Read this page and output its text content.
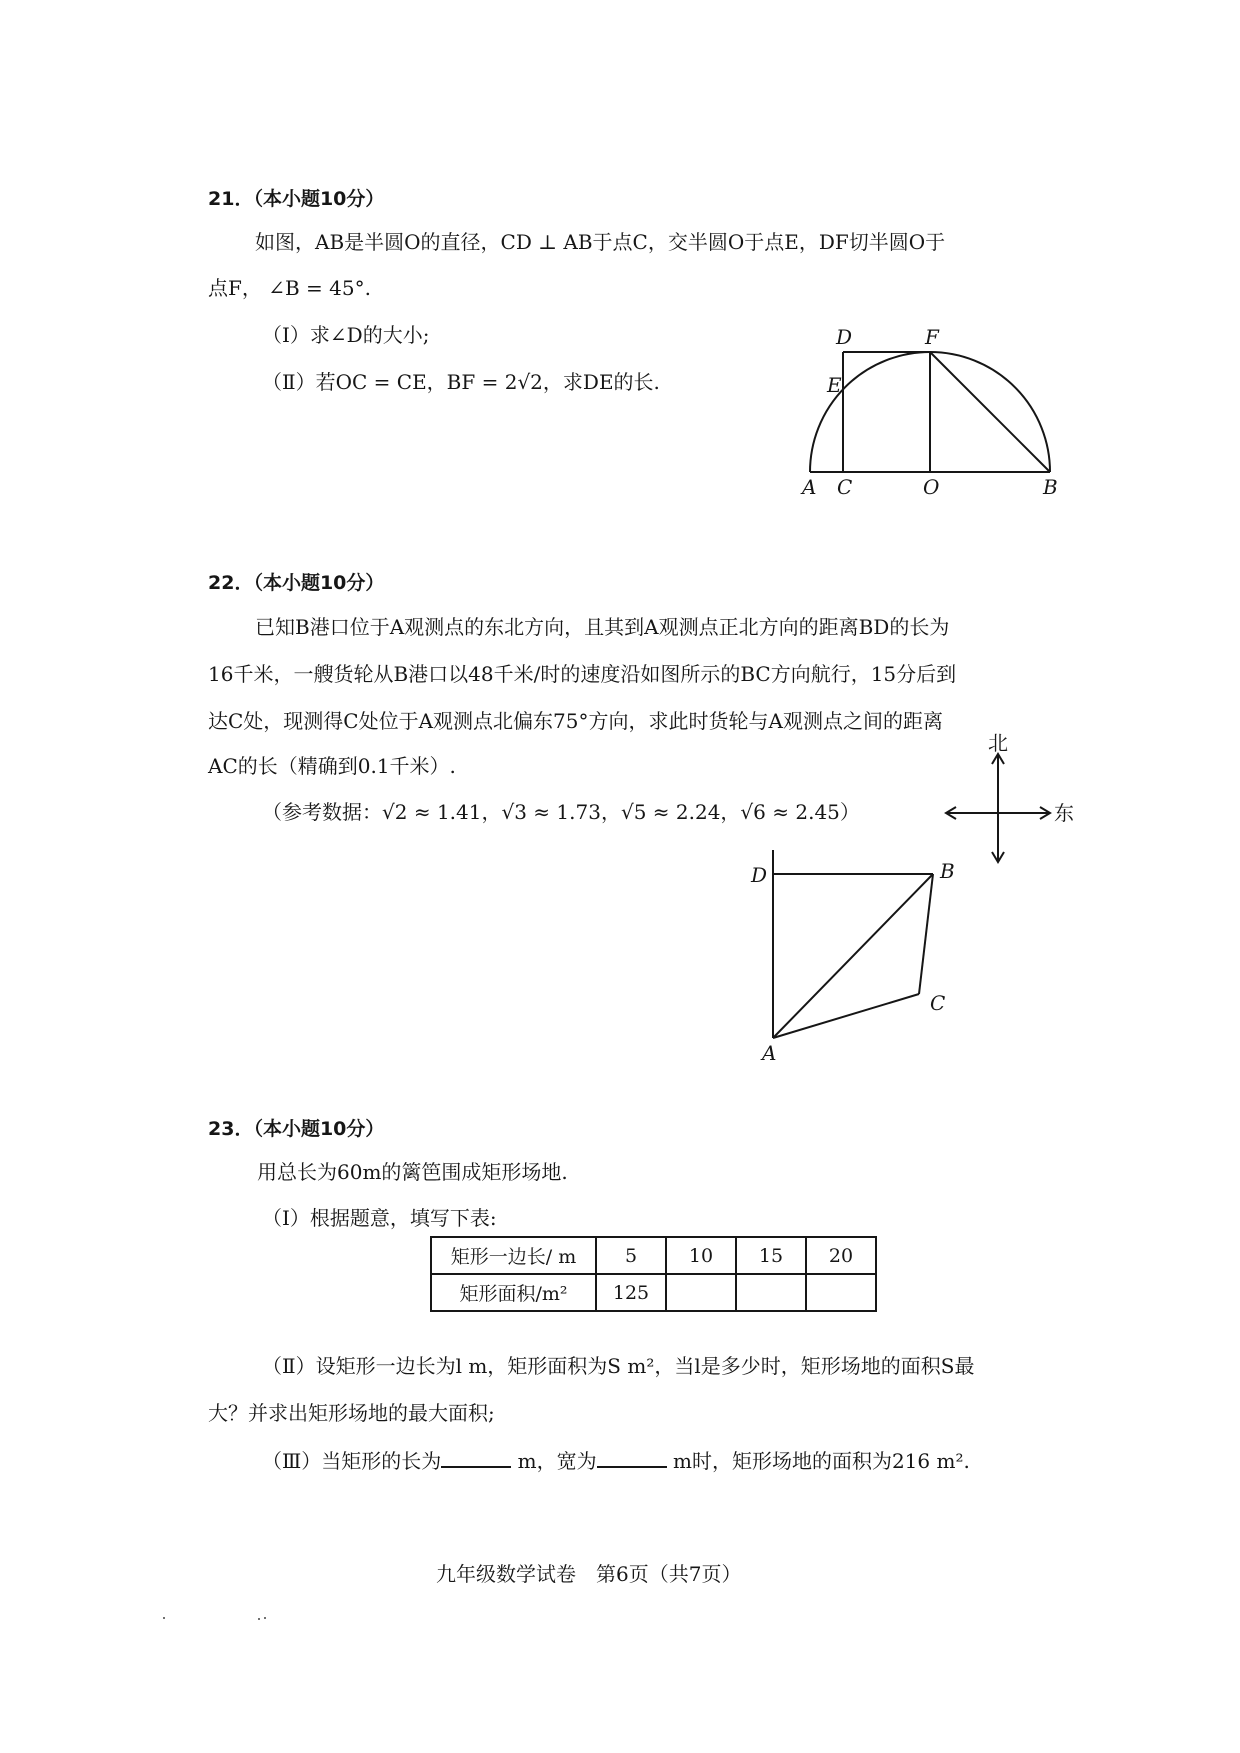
21．（本小题10分）
如图，AB是半圆O的直径，CD ⊥ AB于点C，交半圆O于点E，DF切半圆O于
点F， ∠B = 45°.
（Ⅰ）求∠D的大小;
（Ⅱ）若OC = CE，BF = 2√2，求DE的长.
D	F
E
A C	O	B
22．（本小题10分）
已知B港口位于A观测点的东北方向，且其到A观测点正北方向的距离BD的长为
16千米，一艘货轮从B港口以48千米/时的速度沿如图所示的BC方向航行，15分后到
达C处，现测得C处位于A观测点北偏东75°方向，求此时货轮与A观测点之间的距离
AC的长（精确到0.1千米）.
（参考数据：√2 ≈ 1.41，√3 ≈ 1.73，√5 ≈ 2.24，√6 ≈ 2.45）
北
东
D	B
C
A
23．（本小题10分）
用总长为60m的篱笆围成矩形场地.
（Ⅰ）根据题意，填写下表:
矩形一边长/ m	5	10	15	20
矩形面积/m²	125			
（Ⅱ）设矩形一边长为l m，矩形面积为S m²，当l是多少时，矩形场地的面积S最
大？并求出矩形场地的最大面积;
（Ⅲ）当矩形的长为	m，宽为	m时，矩形场地的面积为216 m².
九年级数学试卷　第6页（共7页）
